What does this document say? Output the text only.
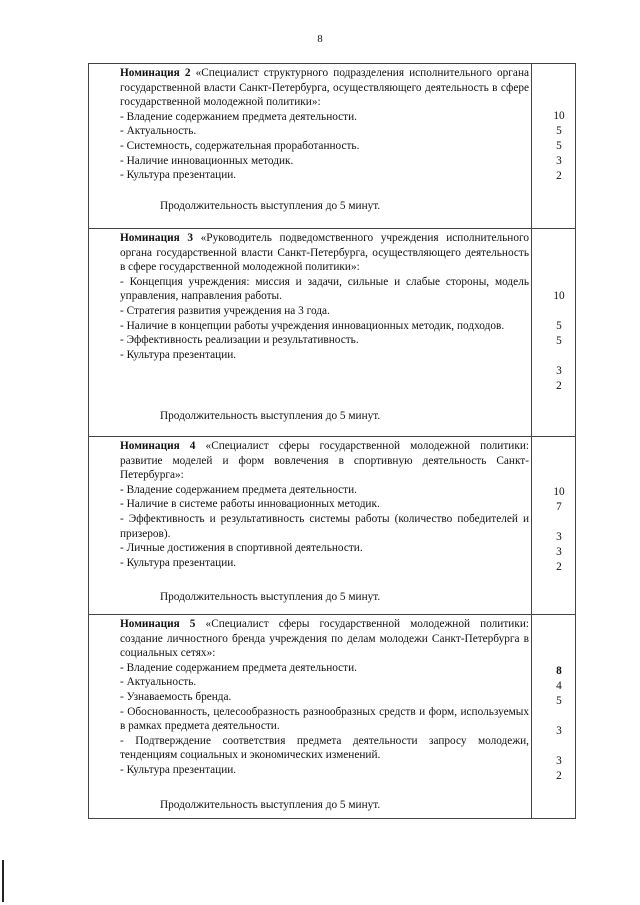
8

Номинация 2 «Специалист структурного подразделения исполнительного органа государственной власти Санкт-Петербурга, осуществляющего деятельность в сфере государственной молодежной политики»:

- Владение содержанием предмета деятельности.

- Актуальность.

- Системность, содержательная проработанность.

- Наличие инновационных методик.

- Культура презентации.

10
5
5
3
2
Продолжительность выступления до 5 минут.

Номинация 3 «Руководитель подведомственного учреждения исполнительного органа государственной власти Санкт-Петербурга, осуществляющего деятельность в сфере государственной молодежной политики»:

- Концепция учреждения: миссия и задачи, сильные и слабые стороны, модель управления, направления работы.

- Стратегия развития учреждения на 3 года.

- Наличие в концепции работы учреждения инновационных методик, подходов.

- Эффективность реализации и результативность.

- Культура презентации.

10
5
5
3
2
Продолжительность выступления до 5 минут.

Номинация 4 «Специалист сферы государственной молодежной политики: развитие моделей и форм вовлечения в спортивную деятельность Санкт-Петербурга»:

- Владение содержанием предмета деятельности.

- Наличие в системе работы инновационных методик.

- Эффективность и результативность системы работы (количество победителей и призеров).

- Личные достижения в спортивной деятельности.

- Культура презентации.

10
7
3
3
2
Продолжительность выступления до 5 минут.

Номинация 5 «Специалист сферы государственной молодежной политики: создание личностного бренда учреждения по делам молодежи Санкт-Петербурга в социальных сетях»:

- Владение содержанием предмета деятельности.

- Актуальность.

- Узнаваемость бренда.

- Обоснованность, целесообразность разнообразных средств и форм, используемых в рамках предмета деятельности.

- Подтверждение соответствия предмета деятельности запросу молодежи, тенденциям социальных и экономических изменений.

- Культура презентации.

8
4
5
3
3
2
Продолжительность выступления до 5 минут.
